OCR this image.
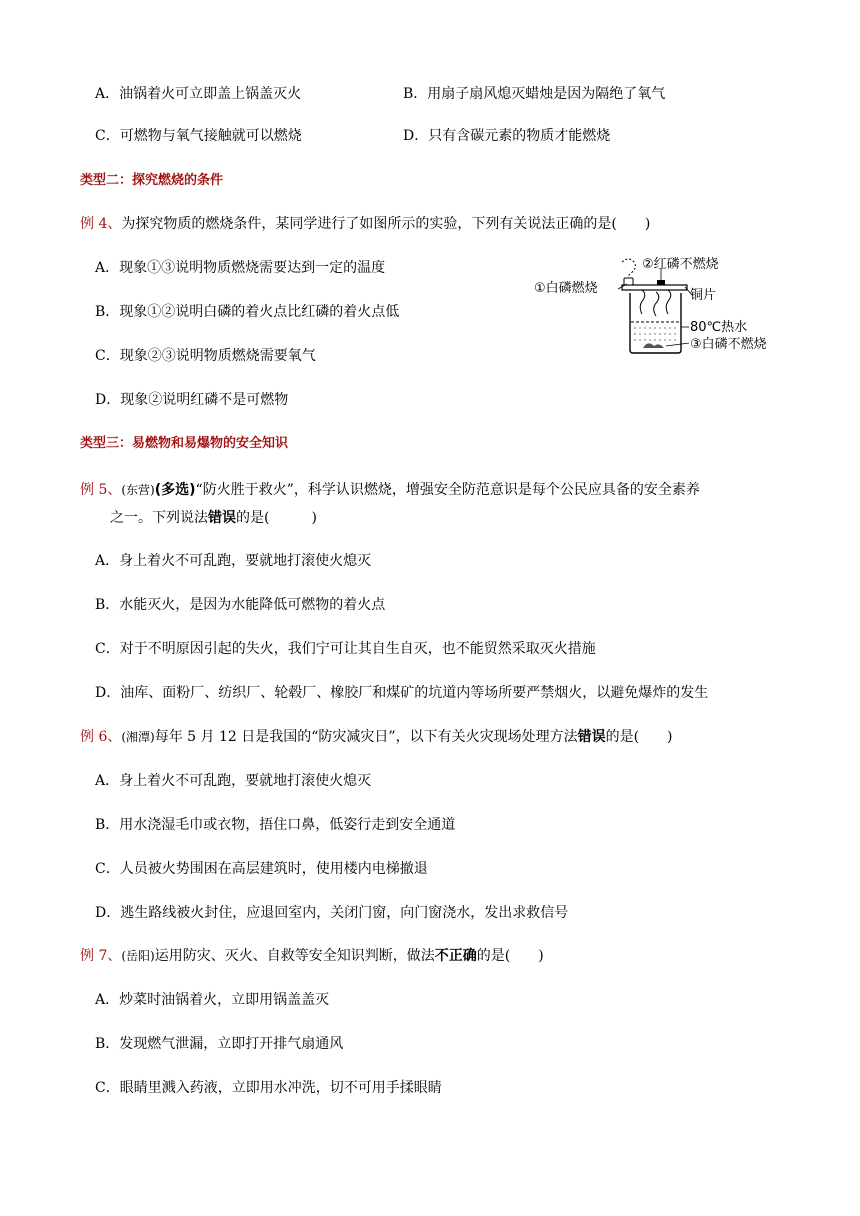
A．油锅着火可立即盖上锅盖灭火	B．用扇子扇风熄灭蜡烛是因为隔绝了氧气
C．可燃物与氧气接触就可以燃烧	D．只有含碳元素的物质才能燃烧
类型二：探究燃烧的条件
例 4、为探究物质的燃烧条件，某同学进行了如图所示的实验，下列有关说法正确的是(　　)
A．现象①③说明物质燃烧需要达到一定的温度
B．现象①②说明白磷的着火点比红磷的着火点低
C．现象②③说明物质燃烧需要氧气
D．现象②说明红磷不是可燃物
①白磷燃烧
②红磷不燃烧
铜片
80℃热水
③白磷不燃烧
类型三：易燃物和易爆物的安全知识
例 5、(东营)(多选)“防火胜于救火”，科学认识燃烧，增强安全防范意识是每个公民应具备的安全素养
之一。下列说法错误的是(　　　)
A．身上着火不可乱跑，要就地打滚使火熄灭
B．水能灭火，是因为水能降低可燃物的着火点
C．对于不明原因引起的失火，我们宁可让其自生自灭，也不能贸然采取灭火措施
D．油库、面粉厂、纺织厂、轮毂厂、橡胶厂和煤矿的坑道内等场所要严禁烟火，以避免爆炸的发生
例 6、(湘潭)每年 5 月 12 日是我国的“防灾减灾日”，以下有关火灾现场处理方法错误的是(　　)
A．身上着火不可乱跑，要就地打滚使火熄灭
B．用水浇湿毛巾或衣物，捂住口鼻，低姿行走到安全通道
C．人员被火势围困在高层建筑时，使用楼内电梯撤退
D．逃生路线被火封住，应退回室内，关闭门窗，向门窗浇水，发出求救信号
例 7、(岳阳)运用防灾、灭火、自救等安全知识判断，做法不正确的是(　　)
A．炒菜时油锅着火，立即用锅盖盖灭
B．发现燃气泄漏，立即打开排气扇通风
C．眼睛里溅入药液，立即用水冲洗，切不可用手揉眼睛
